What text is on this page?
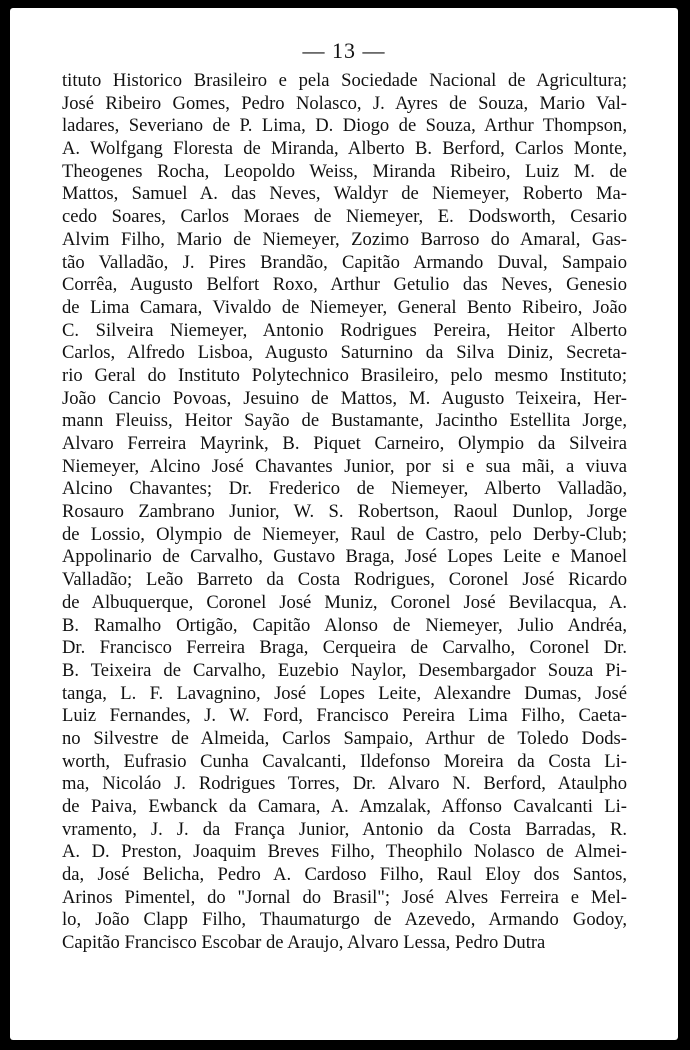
— 13 —
tituto Historico Brasileiro e pela Sociedade Nacional de Agricultura;
José Ribeiro Gomes, Pedro Nolasco, J. Ayres de Souza, Mario Val-
ladares, Severiano de P. Lima, D. Diogo de Souza, Arthur Thompson,
A. Wolfgang Floresta de Miranda, Alberto B. Berford, Carlos Monte,
Theogenes Rocha, Leopoldo Weiss, Miranda Ribeiro, Luiz M. de
Mattos, Samuel A. das Neves, Waldyr de Niemeyer, Roberto Ma-
cedo Soares, Carlos Moraes de Niemeyer, E. Dodsworth, Cesario
Alvim Filho, Mario de Niemeyer, Zozimo Barroso do Amaral, Gas-
tão Valladão, J. Pires Brandão, Capitão Armando Duval, Sampaio
Corrêa, Augusto Belfort Roxo, Arthur Getulio das Neves, Genesio
de Lima Camara, Vivaldo de Niemeyer, General Bento Ribeiro, João
C. Silveira Niemeyer, Antonio Rodrigues Pereira, Heitor Alberto
Carlos, Alfredo Lisboa, Augusto Saturnino da Silva Diniz, Secreta-
rio Geral do Instituto Polytechnico Brasileiro, pelo mesmo Instituto;
João Cancio Povoas, Jesuino de Mattos, M. Augusto Teixeira, Her-
mann Fleuiss, Heitor Sayão de Bustamante, Jacintho Estellita Jorge,
Alvaro Ferreira Mayrink, B. Piquet Carneiro, Olympio da Silveira
Niemeyer, Alcino José Chavantes Junior, por si e sua mãi, a viuva
Alcino Chavantes; Dr. Frederico de Niemeyer, Alberto Valladão,
Rosauro Zambrano Junior, W. S. Robertson, Raoul Dunlop, Jorge
de Lossio, Olympio de Niemeyer, Raul de Castro, pelo Derby-Club;
Appolinario de Carvalho, Gustavo Braga, José Lopes Leite e Manoel
Valladão; Leão Barreto da Costa Rodrigues, Coronel José Ricardo
de Albuquerque, Coronel José Muniz, Coronel José Bevilacqua, A.
B. Ramalho Ortigão, Capitão Alonso de Niemeyer, Julio Andréa,
Dr. Francisco Ferreira Braga, Cerqueira de Carvalho, Coronel Dr.
B. Teixeira de Carvalho, Euzebio Naylor, Desembargador Souza Pi-
tanga, L. F. Lavagnino, José Lopes Leite, Alexandre Dumas, José
Luiz Fernandes, J. W. Ford, Francisco Pereira Lima Filho, Caeta-
no Silvestre de Almeida, Carlos Sampaio, Arthur de Toledo Dods-
worth, Eufrasio Cunha Cavalcanti, Ildefonso Moreira da Costa Li-
ma, Nicoláo J. Rodrigues Torres, Dr. Alvaro N. Berford, Ataulpho
de Paiva, Ewbanck da Camara, A. Amzalak, Affonso Cavalcanti Li-
vramento, J. J. da França Junior, Antonio da Costa Barradas, R.
A. D. Preston, Joaquim Breves Filho, Theophilo Nolasco de Almei-
da, José Belicha, Pedro A. Cardoso Filho, Raul Eloy dos Santos,
Arinos Pimentel, do "Jornal do Brasil"; José Alves Ferreira e Mel-
lo, João Clapp Filho, Thaumaturgo de Azevedo, Armando Godoy,
Capitão Francisco Escobar de Araujo, Alvaro Lessa, Pedro Dutra
